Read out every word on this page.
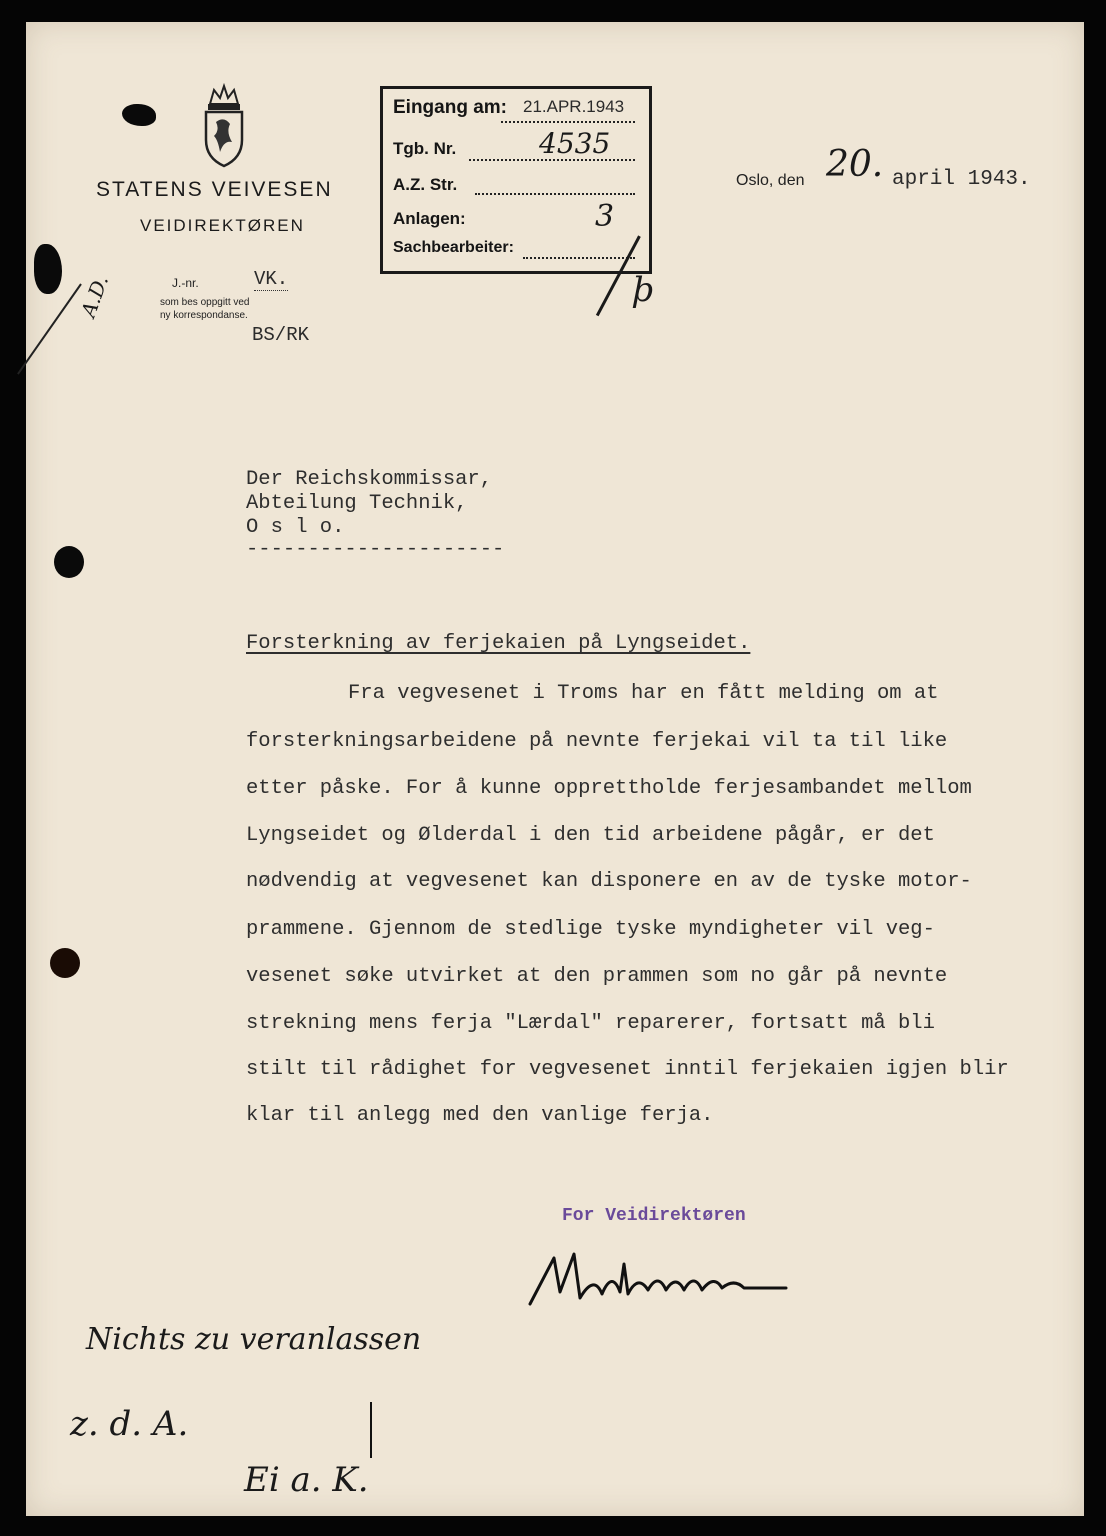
STATENS VEIVESEN
VEIDIREKTØREN
J.-nr.	VK.
som bes oppgitt ved
ny korrespondanse.
BS/RK
A.D.
Eingang am: 21.APR.1943
Tgb. Nr.	4535
A.Z. Str.
Anlagen:	3
Sachbearbeiter:
ϸ
Oslo, den 20. april 1943.
Der Reichskommissar,
Abteilung Technik,
O s l o.
---------------------
Forsterkning av ferjekaien på Lyngseidet.
Fra vegvesenet i Troms har en fått melding om at
forsterkningsarbeidene på nevnte ferjekai vil ta til like
etter påske. For å kunne opprettholde ferjesambandet mellom
Lyngseidet og Ølderdal i den tid arbeidene pågår, er det
nødvendig at vegvesenet kan disponere en av de tyske motor-
prammene. Gjennom de stedlige tyske myndigheter vil veg-
vesenet søke utvirket at den prammen som no går på nevnte
strekning mens ferja "Lærdal" reparerer, fortsatt må bli
stilt til rådighet for vegvesenet inntil ferjekaien igjen blir
klar til anlegg med den vanlige ferja.
For Veidirektøren
Nichts zu veranlassen
z. d. A.
Ei a. K.
